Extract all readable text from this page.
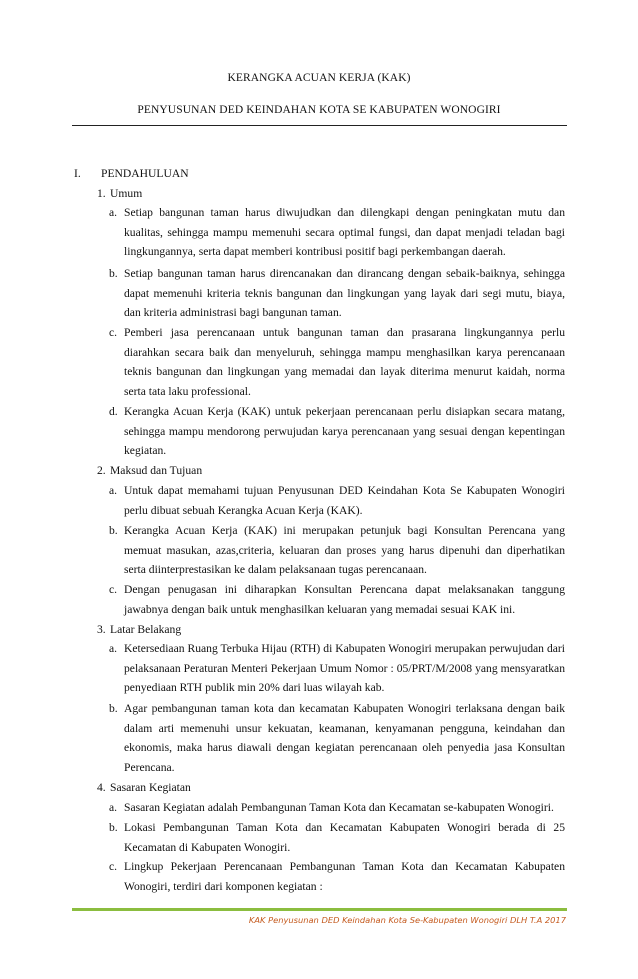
KERANGKA ACUAN KERJA (KAK)
PENYUSUNAN DED KEINDAHAN KOTA SE KABUPATEN WONOGIRI
I. PENDAHULUAN
1. Umum
a. Setiap bangunan taman harus diwujudkan dan dilengkapi dengan peningkatan mutu dan kualitas, sehingga mampu memenuhi secara optimal fungsi, dan dapat menjadi teladan bagi lingkungannya, serta dapat memberi kontribusi positif bagi perkembangan daerah.
b. Setiap bangunan taman harus direncanakan dan dirancang dengan sebaik-baiknya, sehingga dapat memenuhi kriteria teknis bangunan dan lingkungan yang layak dari segi mutu, biaya, dan kriteria administrasi bagi bangunan taman.
c. Pemberi jasa perencanaan untuk bangunan taman dan prasarana lingkungannya perlu diarahkan secara baik dan menyeluruh, sehingga mampu menghasilkan karya perencanaan teknis bangunan dan lingkungan yang memadai dan layak diterima menurut kaidah, norma serta tata laku professional.
d. Kerangka Acuan Kerja (KAK) untuk pekerjaan perencanaan perlu disiapkan secara matang, sehingga mampu mendorong perwujudan karya perencanaan yang sesuai dengan kepentingan kegiatan.
2. Maksud dan Tujuan
a. Untuk dapat memahami tujuan Penyusunan DED Keindahan Kota Se Kabupaten Wonogiri perlu dibuat sebuah Kerangka Acuan Kerja (KAK).
b. Kerangka Acuan Kerja (KAK) ini merupakan petunjuk bagi Konsultan Perencana yang memuat masukan, azas,criteria, keluaran dan proses yang harus dipenuhi dan diperhatikan serta diinterprestasikan ke dalam pelaksanaan tugas perencanaan.
c. Dengan penugasan ini diharapkan Konsultan Perencana dapat melaksanakan tanggung jawabnya dengan baik untuk menghasilkan keluaran yang memadai sesuai KAK ini.
3. Latar Belakang
a. Ketersediaan Ruang Terbuka Hijau (RTH) di Kabupaten Wonogiri merupakan perwujudan dari pelaksanaan Peraturan Menteri Pekerjaan Umum Nomor : 05/PRT/M/2008 yang mensyaratkan penyediaan RTH publik min 20% dari luas wilayah kab.
b. Agar pembangunan taman kota dan kecamatan Kabupaten Wonogiri terlaksana dengan baik dalam arti memenuhi unsur kekuatan, keamanan, kenyamanan pengguna, keindahan dan ekonomis, maka harus diawali dengan kegiatan perencanaan oleh penyedia jasa Konsultan Perencana.
4. Sasaran Kegiatan
a. Sasaran Kegiatan adalah Pembangunan Taman Kota dan Kecamatan se-kabupaten Wonogiri.
b. Lokasi Pembangunan Taman Kota dan Kecamatan Kabupaten Wonogiri berada di 25 Kecamatan di Kabupaten Wonogiri.
c. Lingkup Pekerjaan Perencanaan Pembangunan Taman Kota dan Kecamatan Kabupaten Wonogiri, terdiri dari komponen kegiatan :
KAK Penyusunan DED Keindahan Kota Se-Kabupaten Wonogiri DLH T.A 2017
